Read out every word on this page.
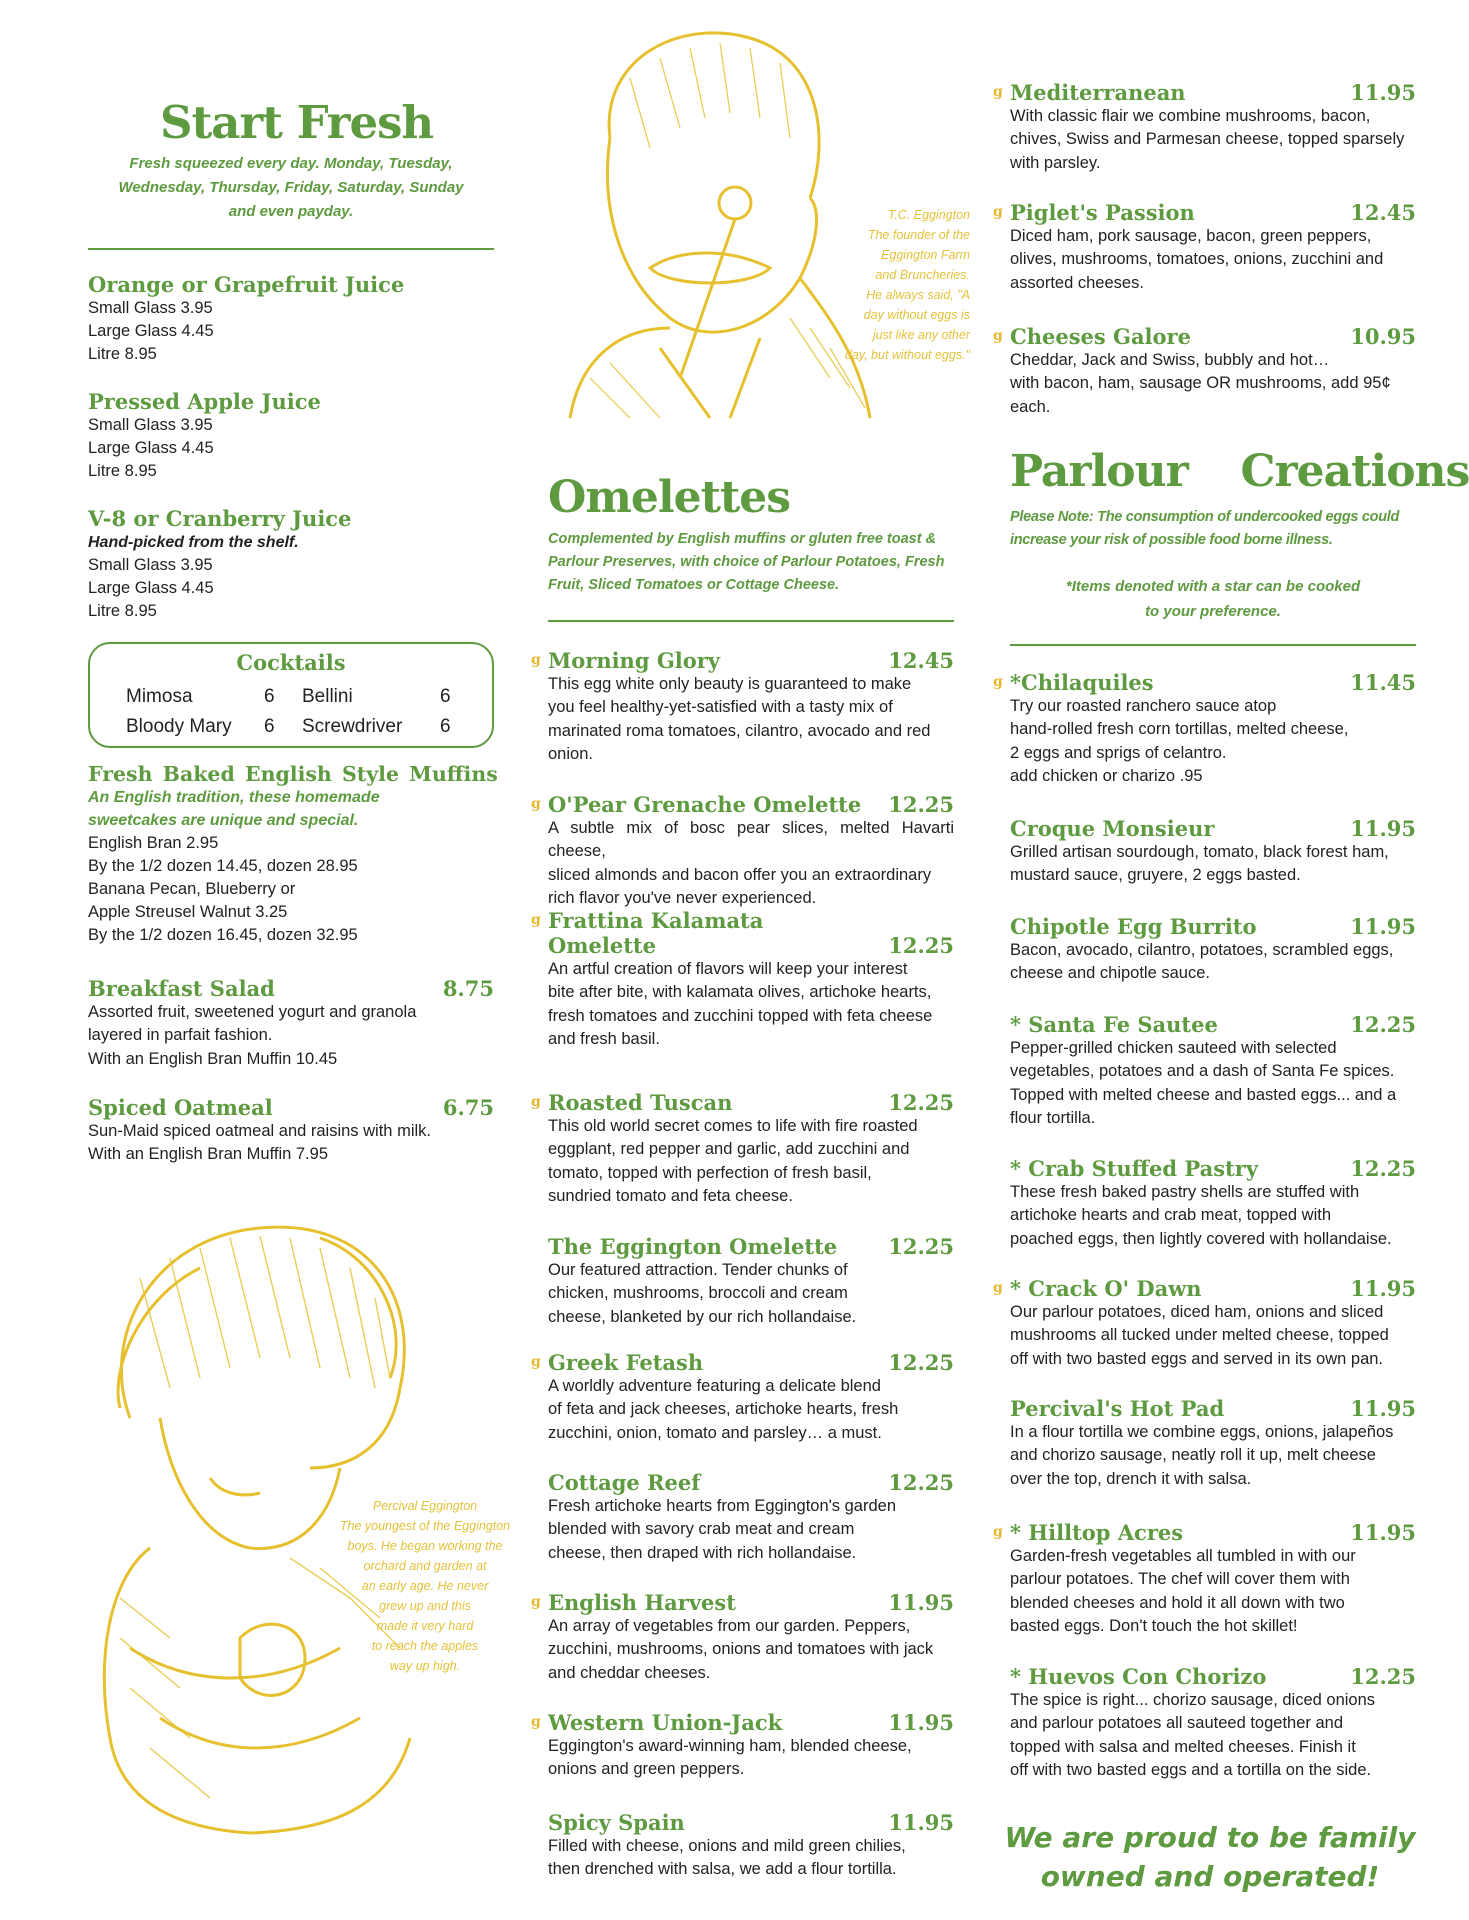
Start Fresh
Fresh squeezed every day. Monday, Tuesday,
Wednesday, Thursday, Friday, Saturday, Sunday
and even payday.
Orange or Grapefruit Juice
Small Glass 3.95
Large Glass 4.45
Litre 8.95
Pressed Apple Juice
Small Glass 3.95
Large Glass 4.45
Litre 8.95
V-8 or Cranberry Juice
Hand-picked from the shelf.
Small Glass 3.95
Large Glass 4.45
Litre 8.95
Cocktails
Mimosa	6 Bellini	6
Bloody Mary 6 Screwdriver 6
Fresh Baked English Style Muffins
An English tradition, these homemade
sweetcakes are unique and special.
English Bran 2.95
By the 1/2 dozen 14.45, dozen 28.95
Banana Pecan, Blueberry or
Apple Streusel Walnut 3.25
By the 1/2 dozen 16.45, dozen 32.95
Breakfast Salad	8.75
Assorted fruit, sweetened yogurt and granola
layered in parfait fashion.
With an English Bran Muffin 10.45
Spiced Oatmeal	6.75
Sun-Maid spiced oatmeal and raisins with milk.
With an English Bran Muffin 7.95
Percival Eggington
The youngest of the Eggington
boys. He began working the
orchard and garden at
an early age. He never
grew up and this
made it very hard
to reach the apples
way up high.
T.C. Eggington
The founder of the
Eggington Farm
and Bruncheries.
He always said, "A
day without eggs is
just like any other
day, but without eggs."
Omelettes
Complemented by English muffins or gluten free toast &
Parlour Preserves, with choice of Parlour Potatoes, Fresh
Fruit, Sliced Tomatoes or Cottage Cheese.
g Morning Glory	12.45
This egg white only beauty is guaranteed to make
you feel healthy-yet-satisfied with a tasty mix of
marinated roma tomatoes, cilantro, avocado and red
onion.
g O'Pear Grenache Omelette 12.25
A subtle mix of bosc pear slices, melted Havarti cheese,
sliced almonds and bacon offer you an extraordinary
rich flavor you've never experienced.
g Frattina Kalamata
Omelette	12.25
An artful creation of flavors will keep your interest
bite after bite, with kalamata olives, artichoke hearts,
fresh tomatoes and zucchini topped with feta cheese
and fresh basil.
g Roasted Tuscan	12.25
This old world secret comes to life with fire roasted
eggplant, red pepper and garlic, add zucchini and
tomato, topped with perfection of fresh basil,
sundried tomato and feta cheese.
The Eggington Omelette 12.25
Our featured attraction. Tender chunks of
chicken, mushrooms, broccoli and cream
cheese, blanketed by our rich hollandaise.
g Greek Fetash	12.25
A worldly adventure featuring a delicate blend
of feta and jack cheeses, artichoke hearts, fresh
zucchini, onion, tomato and parsley… a must.
Cottage Reef	12.25
Fresh artichoke hearts from Eggington's garden
blended with savory crab meat and cream
cheese, then draped with rich hollandaise.
g English Harvest	11.95
An array of vegetables from our garden. Peppers,
zucchini, mushrooms, onions and tomatoes with jack
and cheddar cheeses.
g Western Union-Jack	11.95
Eggington's award-winning ham, blended cheese,
onions and green peppers.
Spicy Spain	11.95
Filled with cheese, onions and mild green chilies,
then drenched with salsa, we add a flour tortilla.
g Mediterranean	11.95
With classic flair we combine mushrooms, bacon,
chives, Swiss and Parmesan cheese, topped sparsely
with parsley.
g Piglet's Passion	12.45
Diced ham, pork sausage, bacon, green peppers,
olives, mushrooms, tomatoes, onions, zucchini and
assorted cheeses.
g Cheeses Galore	10.95
Cheddar, Jack and Swiss, bubbly and hot…
with bacon, ham, sausage OR mushrooms, add 95¢
each.
Parlour  Creations
Please Note: The consumption of undercooked eggs could
increase your risk of possible food borne illness.
*Items denoted with a star can be cooked
to your preference.
g *Chilaquiles	11.45
Try our roasted ranchero sauce atop
hand-rolled fresh corn tortillas, melted cheese,
2 eggs and sprigs of celantro.
add chicken or charizo .95
Croque Monsieur	11.95
Grilled artisan sourdough, tomato, black forest ham,
mustard sauce, gruyere, 2 eggs basted.
Chipotle Egg Burrito	11.95
Bacon, avocado, cilantro, potatoes, scrambled eggs,
cheese and chipotle sauce.
* Santa Fe Sautee	12.25
Pepper-grilled chicken sauteed with selected
vegetables, potatoes and a dash of Santa Fe spices.
Topped with melted cheese and basted eggs... and a
flour tortilla.
* Crab Stuffed Pastry	12.25
These fresh baked pastry shells are stuffed with
artichoke hearts and crab meat, topped with
poached eggs, then lightly covered with hollandaise.
g * Crack O' Dawn	11.95
Our parlour potatoes, diced ham, onions and sliced
mushrooms all tucked under melted cheese, topped
off with two basted eggs and served in its own pan.
Percival's Hot Pad	11.95
In a flour tortilla we combine eggs, onions, jalapeños
and chorizo sausage, neatly roll it up, melt cheese
over the top, drench it with salsa.
g * Hilltop Acres	11.95
Garden-fresh vegetables all tumbled in with our
parlour potatoes. The chef will cover them with
blended cheeses and hold it all down with two
basted eggs. Don't touch the hot skillet!
* Huevos Con Chorizo	12.25
The spice is right... chorizo sausage, diced onions
and parlour potatoes all sauteed together and
topped with salsa and melted cheeses. Finish it
off with two basted eggs and a tortilla on the side.
We are proud to be family
owned and operated!
